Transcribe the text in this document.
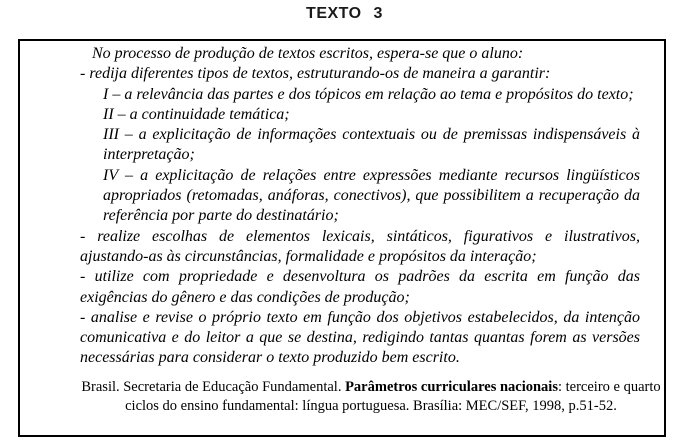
TEXTO 3

No processo de produção de textos escritos, espera-se que o aluno:

- redija diferentes tipos de textos, estruturando-os de maneira a garantir:

I – a relevância das partes e dos tópicos em relação ao tema e propósitos do texto;

II – a continuidade temática;

III – a explicitação de informações contextuais ou de premissas indispensáveis à interpretação;

IV – a explicitação de relações entre expressões mediante recursos lingüísticos apropriados (retomadas, anáforas, conectivos), que possibilitem a recuperação da referência por parte do destinatário;

- realize escolhas de elementos lexicais, sintáticos, figurativos e ilustrativos, ajustando-as às circunstâncias, formalidade e propósitos da interação;

- utilize com propriedade e desenvoltura os padrões da escrita em função das exigências do gênero e das condições de produção;

- analise e revise o próprio texto em função dos objetivos estabelecidos, da intenção comunicativa e do leitor a que se destina, redigindo tantas quantas forem as versões necessárias para considerar o texto produzido bem escrito.

Brasil. Secretaria de Educação Fundamental. Parâmetros curriculares nacionais: terceiro e quarto ciclos do ensino fundamental: língua portuguesa. Brasília: MEC/SEF, 1998, p.51-52.
